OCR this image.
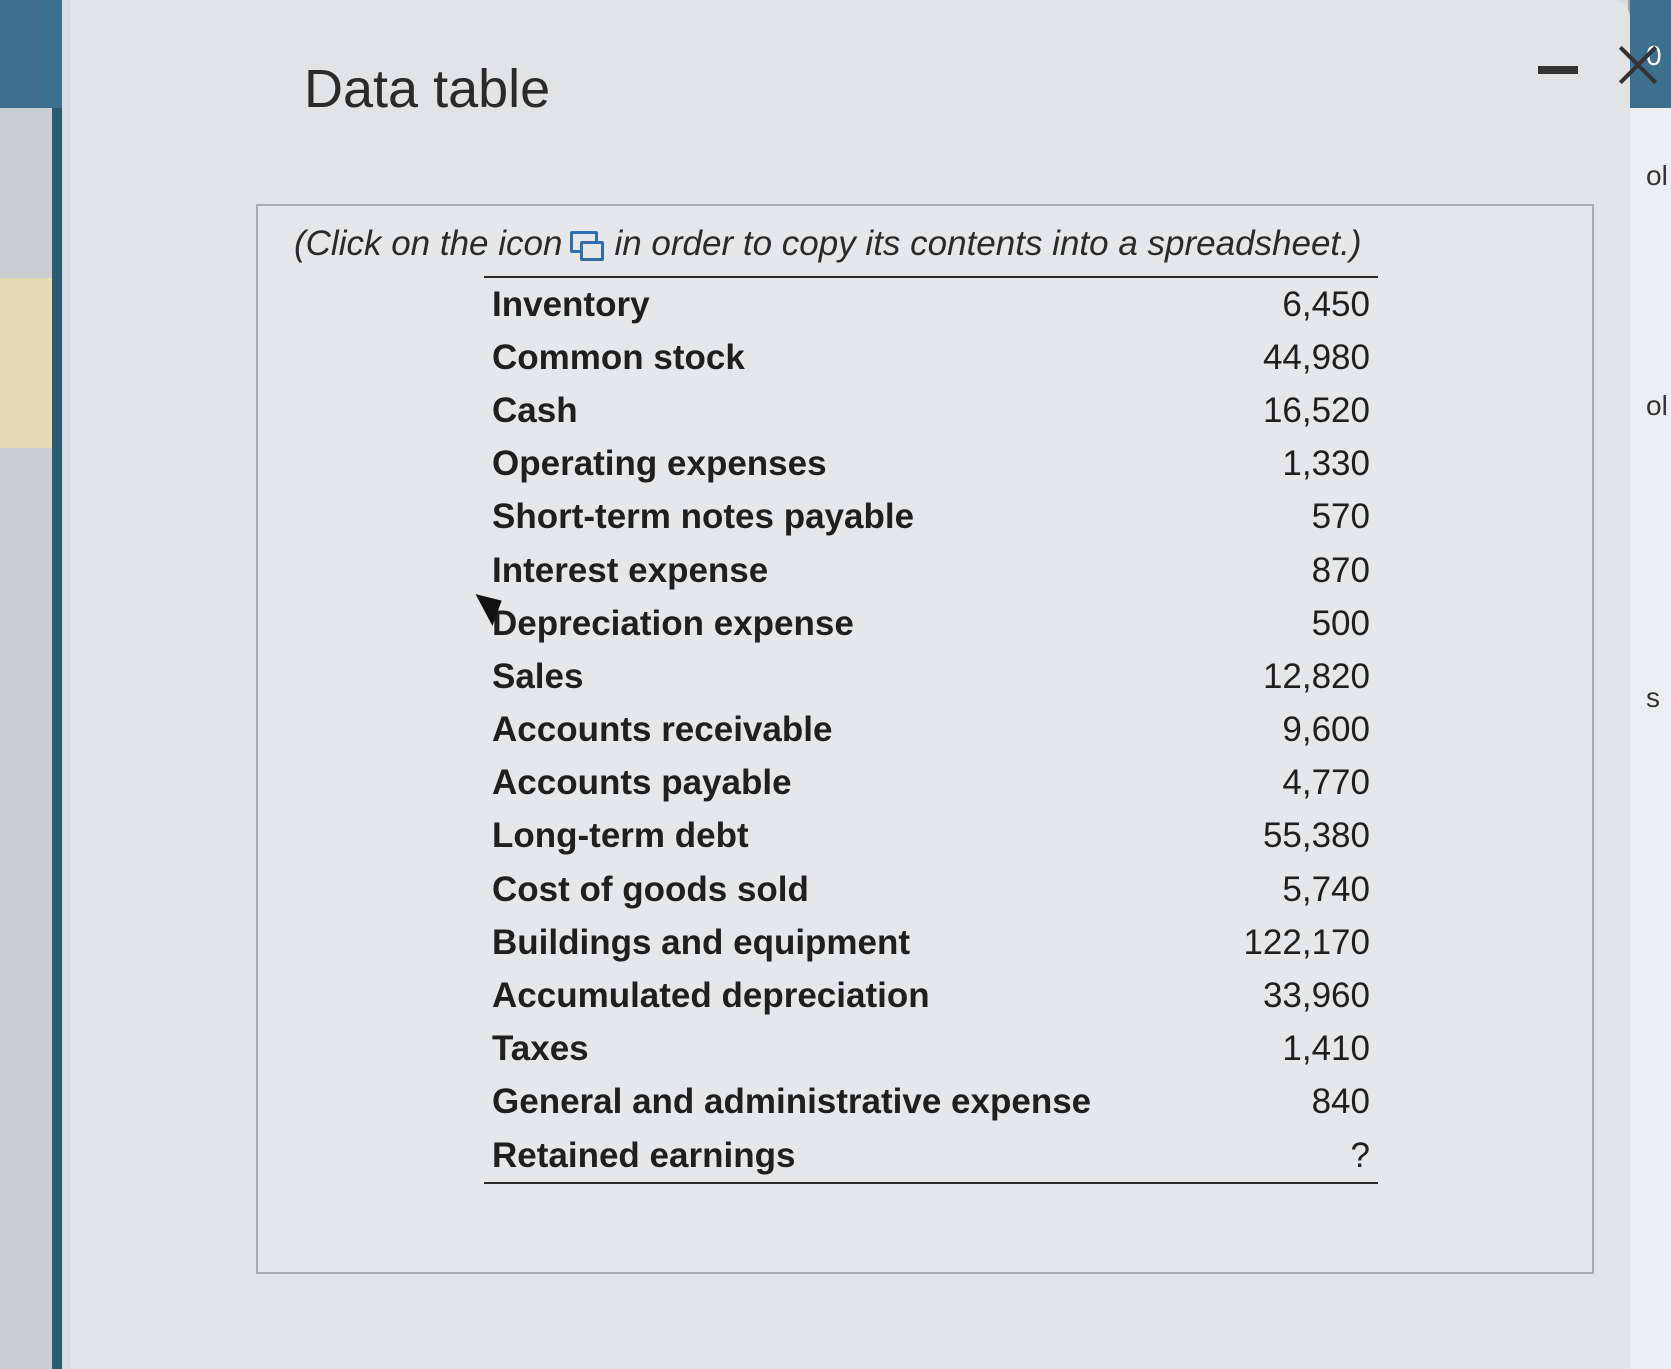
0
ol
ol
s
Data table
(Click on the icon in order to copy its contents into a spreadsheet.)
Inventory	6,450
Common stock	44,980
Cash	16,520
Operating expenses	1,330
Short-term notes payable	570
Interest expense	870
Depreciation expense	500
Sales	12,820
Accounts receivable	9,600
Accounts payable	4,770
Long-term debt	55,380
Cost of goods sold	5,740
Buildings and equipment	122,170
Accumulated depreciation	33,960
Taxes	1,410
General and administrative expense	840
Retained earnings	?
